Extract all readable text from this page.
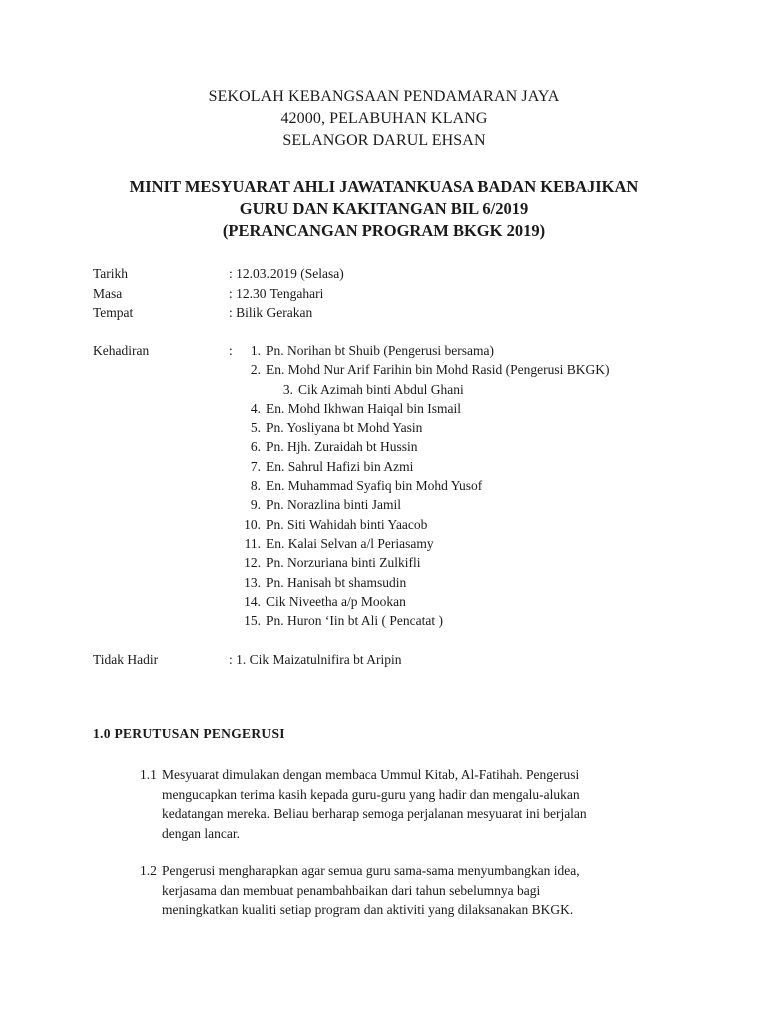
SEKOLAH KEBANGSAAN PENDAMARAN JAYA
42000, PELABUHAN KLANG
SELANGOR DARUL EHSAN
MINIT MESYUARAT AHLI JAWATANKUASA BADAN KEBAJIKAN
GURU DAN KAKITANGAN BIL 6/2019
(PERANCANGAN PROGRAM BKGK 2019)
Tarikh	: 12.03.2019 (Selasa)
Masa	: 12.30 Tengahari
Tempat	: Bilik Gerakan
Kehadiran	:	1. Pn. Norihan bt Shuib (Pengerusi bersama)
2. En. Mohd Nur Arif Farihin bin Mohd Rasid (Pengerusi BKGK)
3. Cik Azimah binti Abdul Ghani
4. En. Mohd Ikhwan Haiqal bin Ismail
5. Pn. Yosliyana bt Mohd Yasin
6. Pn. Hjh. Zuraidah bt Hussin
7. En. Sahrul Hafizi bin Azmi
8. En. Muhammad Syafiq bin Mohd Yusof
9. Pn. Norazlina binti Jamil
10. Pn. Siti Wahidah binti Yaacob
11. En. Kalai Selvan a/l Periasamy
12. Pn. Norzuriana binti Zulkifli
13. Pn. Hanisah bt shamsudin
14. Cik Niveetha a/p Mookan
15. Pn. Huron ‘Iin bt Ali ( Pencatat )
Tidak Hadir	: 1. Cik Maizatulnifira bt Aripin
1.0 PERUTUSAN PENGERUSI
1.1 Mesyuarat dimulakan dengan membaca Ummul Kitab, Al-Fatihah. Pengerusi
mengucapkan terima kasih kepada guru-guru yang hadir dan mengalu-alukan
kedatangan mereka. Beliau berharap semoga perjalanan mesyuarat ini berjalan
dengan lancar.
1.2 Pengerusi mengharapkan agar semua guru sama-sama menyumbangkan idea,
kerjasama dan membuat penambahbaikan dari tahun sebelumnya bagi
meningkatkan kualiti setiap program dan aktiviti yang dilaksanakan BKGK.
